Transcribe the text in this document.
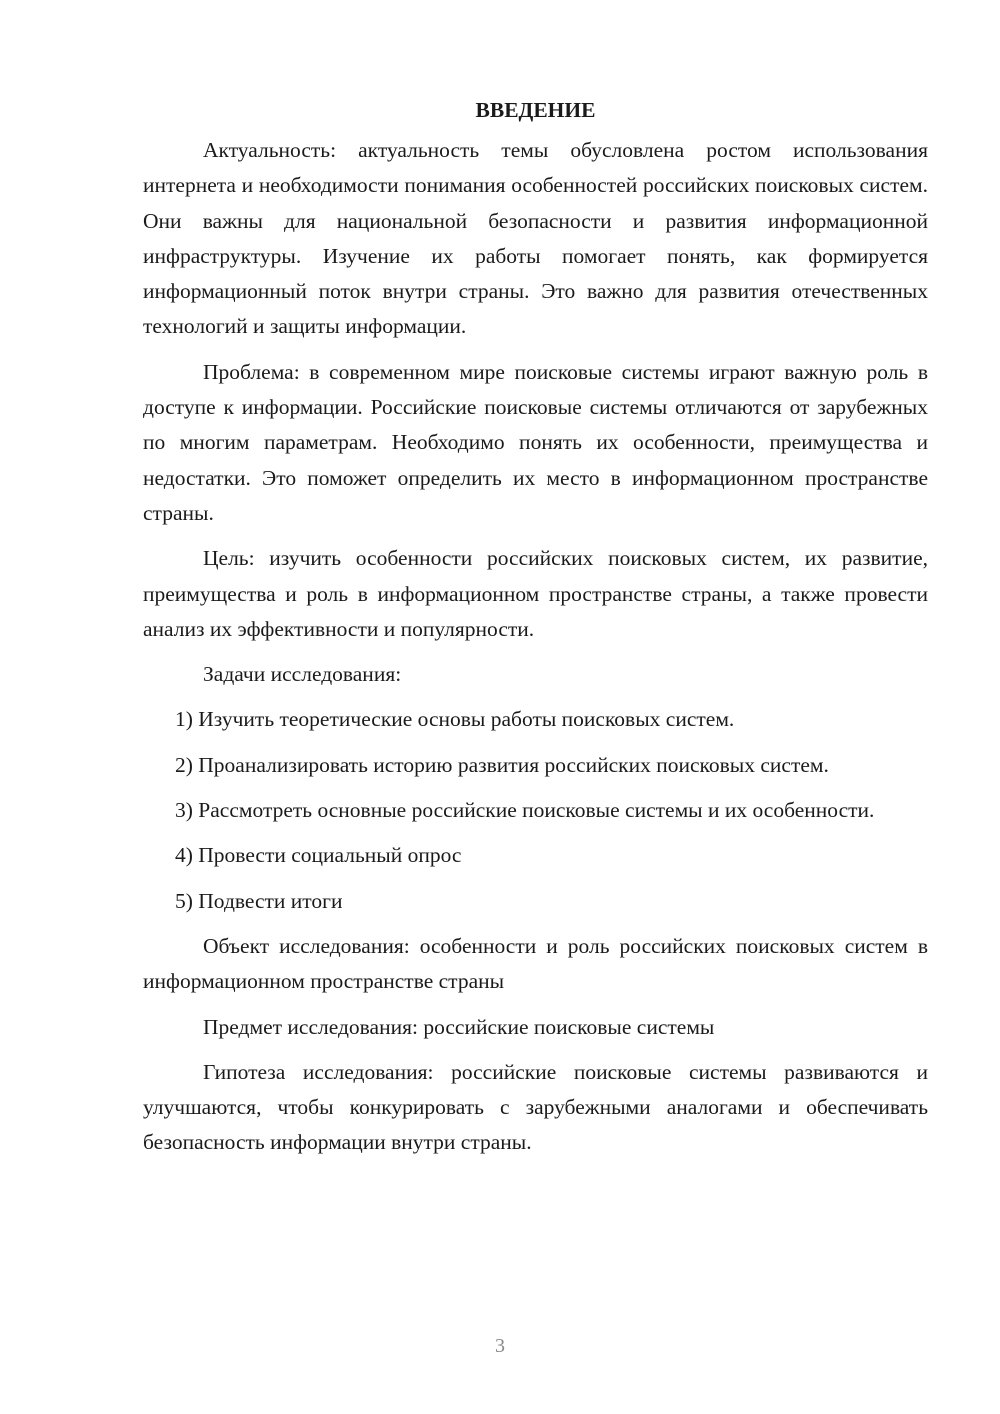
ВВЕДЕНИЕ

Актуальность: актуальность темы обусловлена ростом использования интернета и необходимости понимания особенностей российских поисковых систем. Они важны для национальной безопасности и развития информационной инфраструктуры. Изучение их работы помогает понять, как формируется информационный поток внутри страны. Это важно для развития отечественных технологий и защиты информации.

Проблема: в современном мире поисковые системы играют важную роль в доступе к информации. Российские поисковые системы отличаются от зарубежных по многим параметрам. Необходимо понять их особенности, преимущества и недостатки. Это поможет определить их место в информационном пространстве страны.

Цель: изучить особенности российских поисковых систем, их развитие, преимущества и роль в информационном пространстве страны, а также провести анализ их эффективности и популярности.

Задачи исследования:

1) Изучить теоретические основы работы поисковых систем.

2) Проанализировать историю развития российских поисковых систем.

3) Рассмотреть основные российские поисковые системы и их особенности.

4) Провести социальный опрос

5) Подвести итоги

Объект исследования: особенности и роль российских поисковых систем в информационном пространстве страны

Предмет исследования: российские поисковые системы

Гипотеза исследования: российские поисковые системы развиваются и улучшаются, чтобы конкурировать с зарубежными аналогами и обеспечивать безопасность информации внутри страны.

3
